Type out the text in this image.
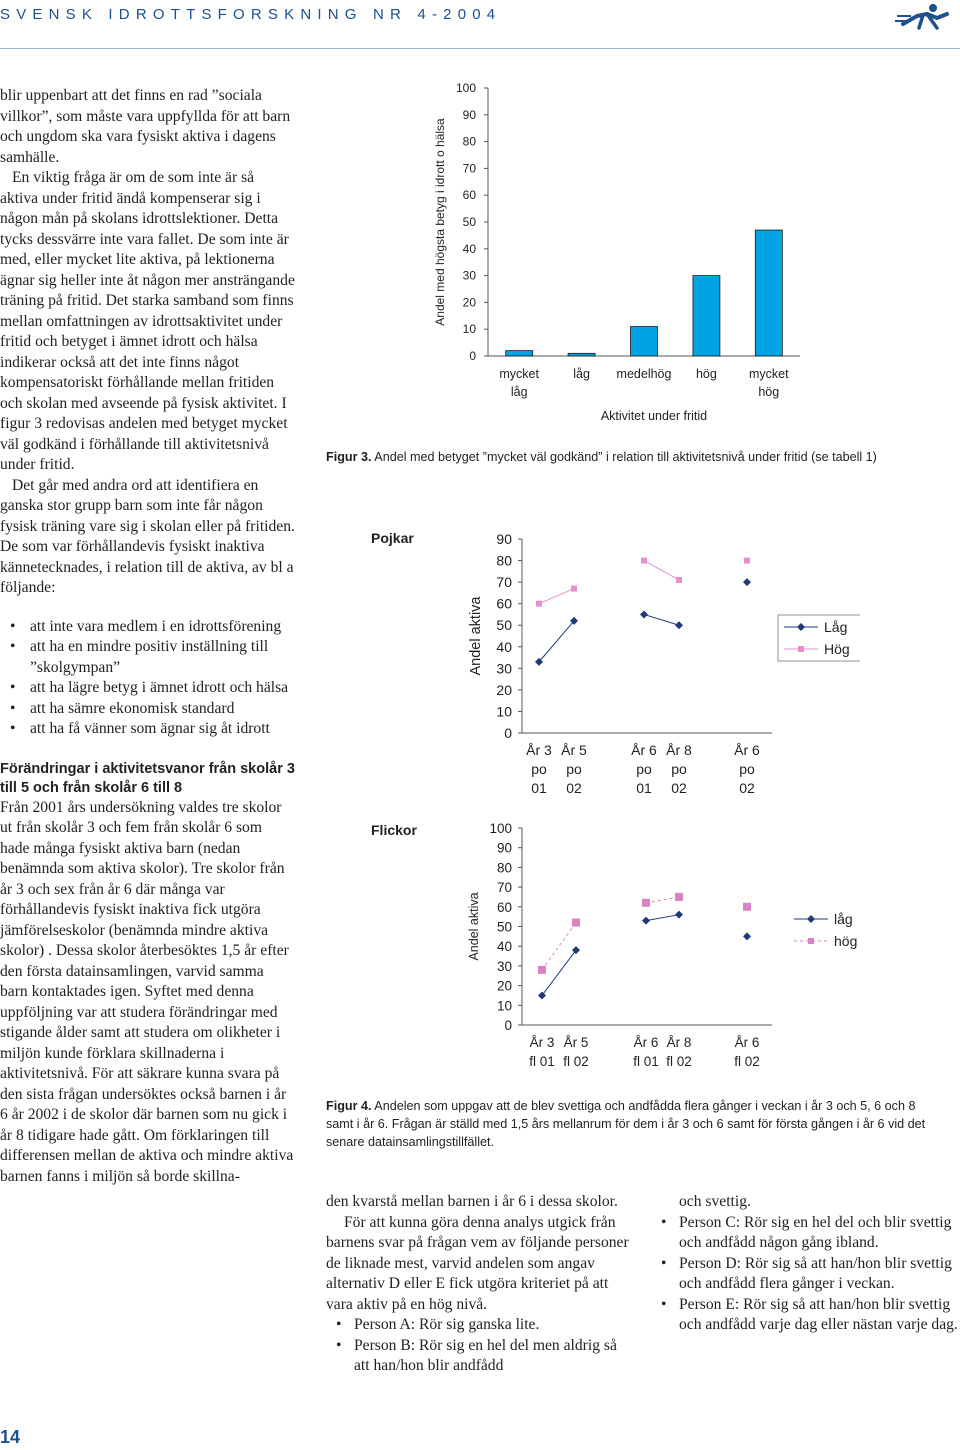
SVENSK IDROTTSFORSKNING NR 4-2004

blir uppenbart att det finns en rad ”sociala villkor”, som måste vara uppfyllda för att barn och ungdom ska vara fysiskt aktiva i dagens samhälle.

En viktig fråga är om de som inte är så aktiva under fritid ändå kompenserar sig i någon mån på skolans idrottslektioner. Detta tycks dessvärre inte vara fallet. De som inte är med, eller mycket lite aktiva, på lektionerna ägnar sig heller inte åt någon mer ansträngande träning på fritid. Det starka samband som finns mellan omfattningen av idrottsaktivitet under fritid och betyget i ämnet idrott och hälsa indikerar också att det inte finns något kompensatoriskt förhållande mellan fritiden och skolan med avseende på fysisk aktivitet. I figur 3 redovisas andelen med betyget mycket väl godkänd i förhållande till aktivitetsnivå under fritid.

Det går med andra ord att identifiera en ganska stor grupp barn som inte får någon fysisk träning vare sig i skolan eller på fritiden. De som var förhållandevis fysiskt inaktiva kännetecknades, i relation till de aktiva, av bl a följande:

• att inte vara medlem i en idrottsförening
• att ha en mindre positiv inställning till ”skolgympan”
• att ha lägre betyg i ämnet idrott och hälsa
• att ha sämre ekonomisk standard
• att ha få vänner som ägnar sig åt idrott

Förändringar i aktivitetsvanor från skolår 3 till 5 och från skolår 6 till 8

Från 2001 års undersökning valdes tre skolor ut från skolår 3 och fem från skolår 6 som hade många fysiskt aktiva barn (nedan benämnda som aktiva skolor). Tre skolor från år 3 och sex från år 6 där många var förhållandevis fysiskt inaktiva fick utgöra jämförelseskolor (benämnda mindre aktiva skolor) . Dessa skolor återbesöktes 1,5 år efter den första datainsamlingen, varvid samma barn kontaktades igen. Syftet med denna uppföljning var att studera förändringar med stigande ålder samt att studera om olikheter i miljön kunde förklara skillnaderna i aktivitetsnivå. För att säkrare kunna svara på den sista frågan undersöktes också barnen i år 6 år 2002 i de skolor där barnen som nu gick i år 8 tidigare hade gått. Om förklaringen till differensen mellan de aktiva och mindre aktiva barnen fanns i miljön så borde skillna-

0
10
20
30
40
50
60
70
80
90
100
mycket
låg
låg medelhög hög	mycket
hög
Aktivitet under fritid
Andel med högsta betyg i idrott o hälsa
Figur 3. Andel med betyget ”mycket väl godkänd” i relation till aktivitetsnivå under fritid (se tabell 1)
Pojkar
0
10
20
30
40
50
60
70
80
90
År 3
po
01
År 5
po
02
År 6
po
01
År 8
po
02
År 6
po
02
Låg
Hög
Andel aktiva
Flickor
0
10
20
30
40
50
60
70
80
90
100
År 3
fl 01
År 5
fl 02
År 6
fl 01
År 8
fl 02
År 6
fl 02
låg
hög
Andel aktiva
Figur 4. Andelen som uppgav att de blev svettiga och andfådda flera gånger i veckan i år 3 och 5, 6 och 8 samt i år 6. Frågan är ställd med 1,5 års mellanrum för dem i år 3 och 6 samt för första gången i år 6 vid det senare datainsamlingstillfället.

den kvarstå mellan barnen i år 6 i dessa skolor.

För att kunna göra denna analys utgick från barnens svar på frågan vem av följande personer de liknade mest, varvid andelen som angav alternativ D eller E fick utgöra kriteriet på att vara aktiv på en hög nivå.

• Person A: Rör sig ganska lite.
• Person B: Rör sig en hel del men aldrig så att han/hon blir andfådd

och svettig.

• Person C: Rör sig en hel del och blir svettig och andfådd någon gång ibland.
• Person D: Rör sig så att han/hon blir svettig och andfådd flera gånger i veckan.
• Person E: Rör sig så att han/hon blir svettig och andfådd varje dag eller nästan varje dag.
14
